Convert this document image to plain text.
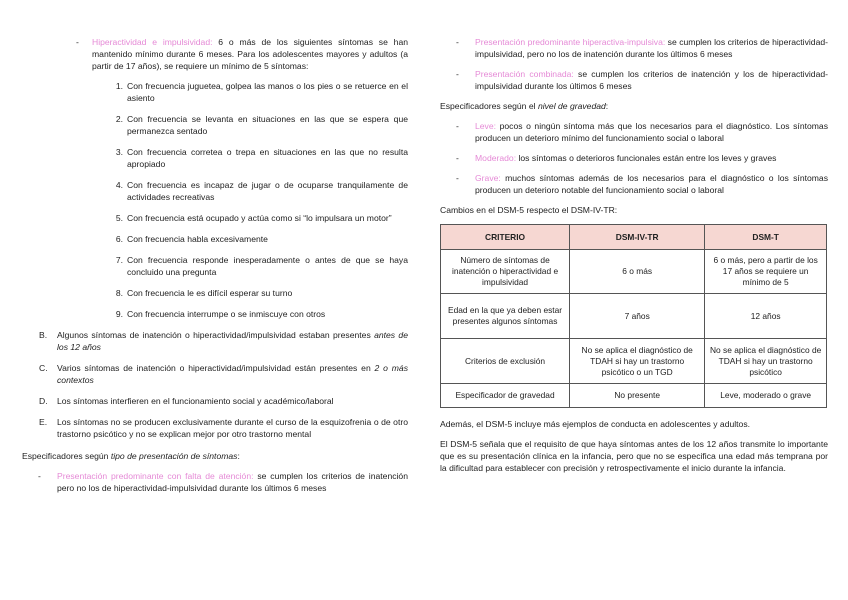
- Hiperactividad e impulsividad: 6 o más de los siguientes síntomas se han mantenido mínimo durante 6 meses. Para los adolescentes mayores y adultos (a partir de 17 años), se requiere un mínimo de 5 síntomas:
1. Con frecuencia juguetea, golpea las manos o los pies o se retuerce en el asiento
2. Con frecuencia se levanta en situaciones en las que se espera que permanezca sentado
3. Con frecuencia corretea o trepa en situaciones en las que no resulta apropiado
4. Con frecuencia es incapaz de jugar o de ocuparse tranquilamente de actividades recreativas
5. Con frecuencia está ocupado y actúa como si “lo impulsara un motor”
6. Con frecuencia habla excesivamente
7. Con frecuencia responde inesperadamente o antes de que se haya concluido una pregunta
8. Con frecuencia le es difícil esperar su turno
9. Con frecuencia interrumpe o se inmiscuye con otros
B. Algunos síntomas de inatención o hiperactividad/impulsividad estaban presentes antes de los 12 años
C. Varios síntomas de inatención o hiperactividad/impulsividad están presentes en 2 o más contextos
D. Los síntomas interfieren en el funcionamiento social y académico/laboral
E. Los síntomas no se producen exclusivamente durante el curso de la esquizofrenia o de otro trastorno psicótico y no se explican mejor por otro trastorno mental
Especificadores según tipo de presentación de síntomas:
- Presentación predominante con falta de atención: se cumplen los criterios de inatención pero no los de hiperactividad-impulsividad durante los últimos 6 meses
- Presentación predominante hiperactiva-impulsiva: se cumplen los criterios de hiperactividad-impulsividad, pero no los de inatención durante los últimos 6 meses
- Presentación combinada: se cumplen los criterios de inatención y los de hiperactividad-impulsividad durante los últimos 6 meses
Especificadores según el nivel de gravedad:
- Leve: pocos o ningún síntoma más que los necesarios para el diagnóstico. Los síntomas producen un deterioro mínimo del funcionamiento social o laboral
- Moderado: los síntomas o deterioros funcionales están entre los leves y graves
- Grave: muchos síntomas además de los necesarios para el diagnóstico o los síntomas producen un deterioro notable del funcionamiento social o laboral
Cambios en el DSM-5 respecto el DSM-IV-TR:
CRITERIO	DSM-IV-TR	DSM-T
Número de síntomas de inatención o hiperactividad e impulsividad	6 o más	6 o más, pero a partir de los 17 años se requiere un mínimo de 5
Edad en la que ya deben estar presentes algunos síntomas	7 años	12 años
Criterios de exclusión	No se aplica el diagnóstico de TDAH si hay un trastorno psicótico o un TGD	No se aplica el diagnóstico de TDAH si hay un trastorno psicótico
Especificador de gravedad	No presente	Leve, moderado o grave

Además, el DSM-5 incluye más ejemplos de conducta en adolescentes y adultos.

El DSM-5 señala que el requisito de que haya síntomas antes de los 12 años transmite lo importante que es su presentación clínica en la infancia, pero que no se especifica una edad más temprana por la dificultad para establecer con precisión y retrospectivamente el inicio durante la infancia.
